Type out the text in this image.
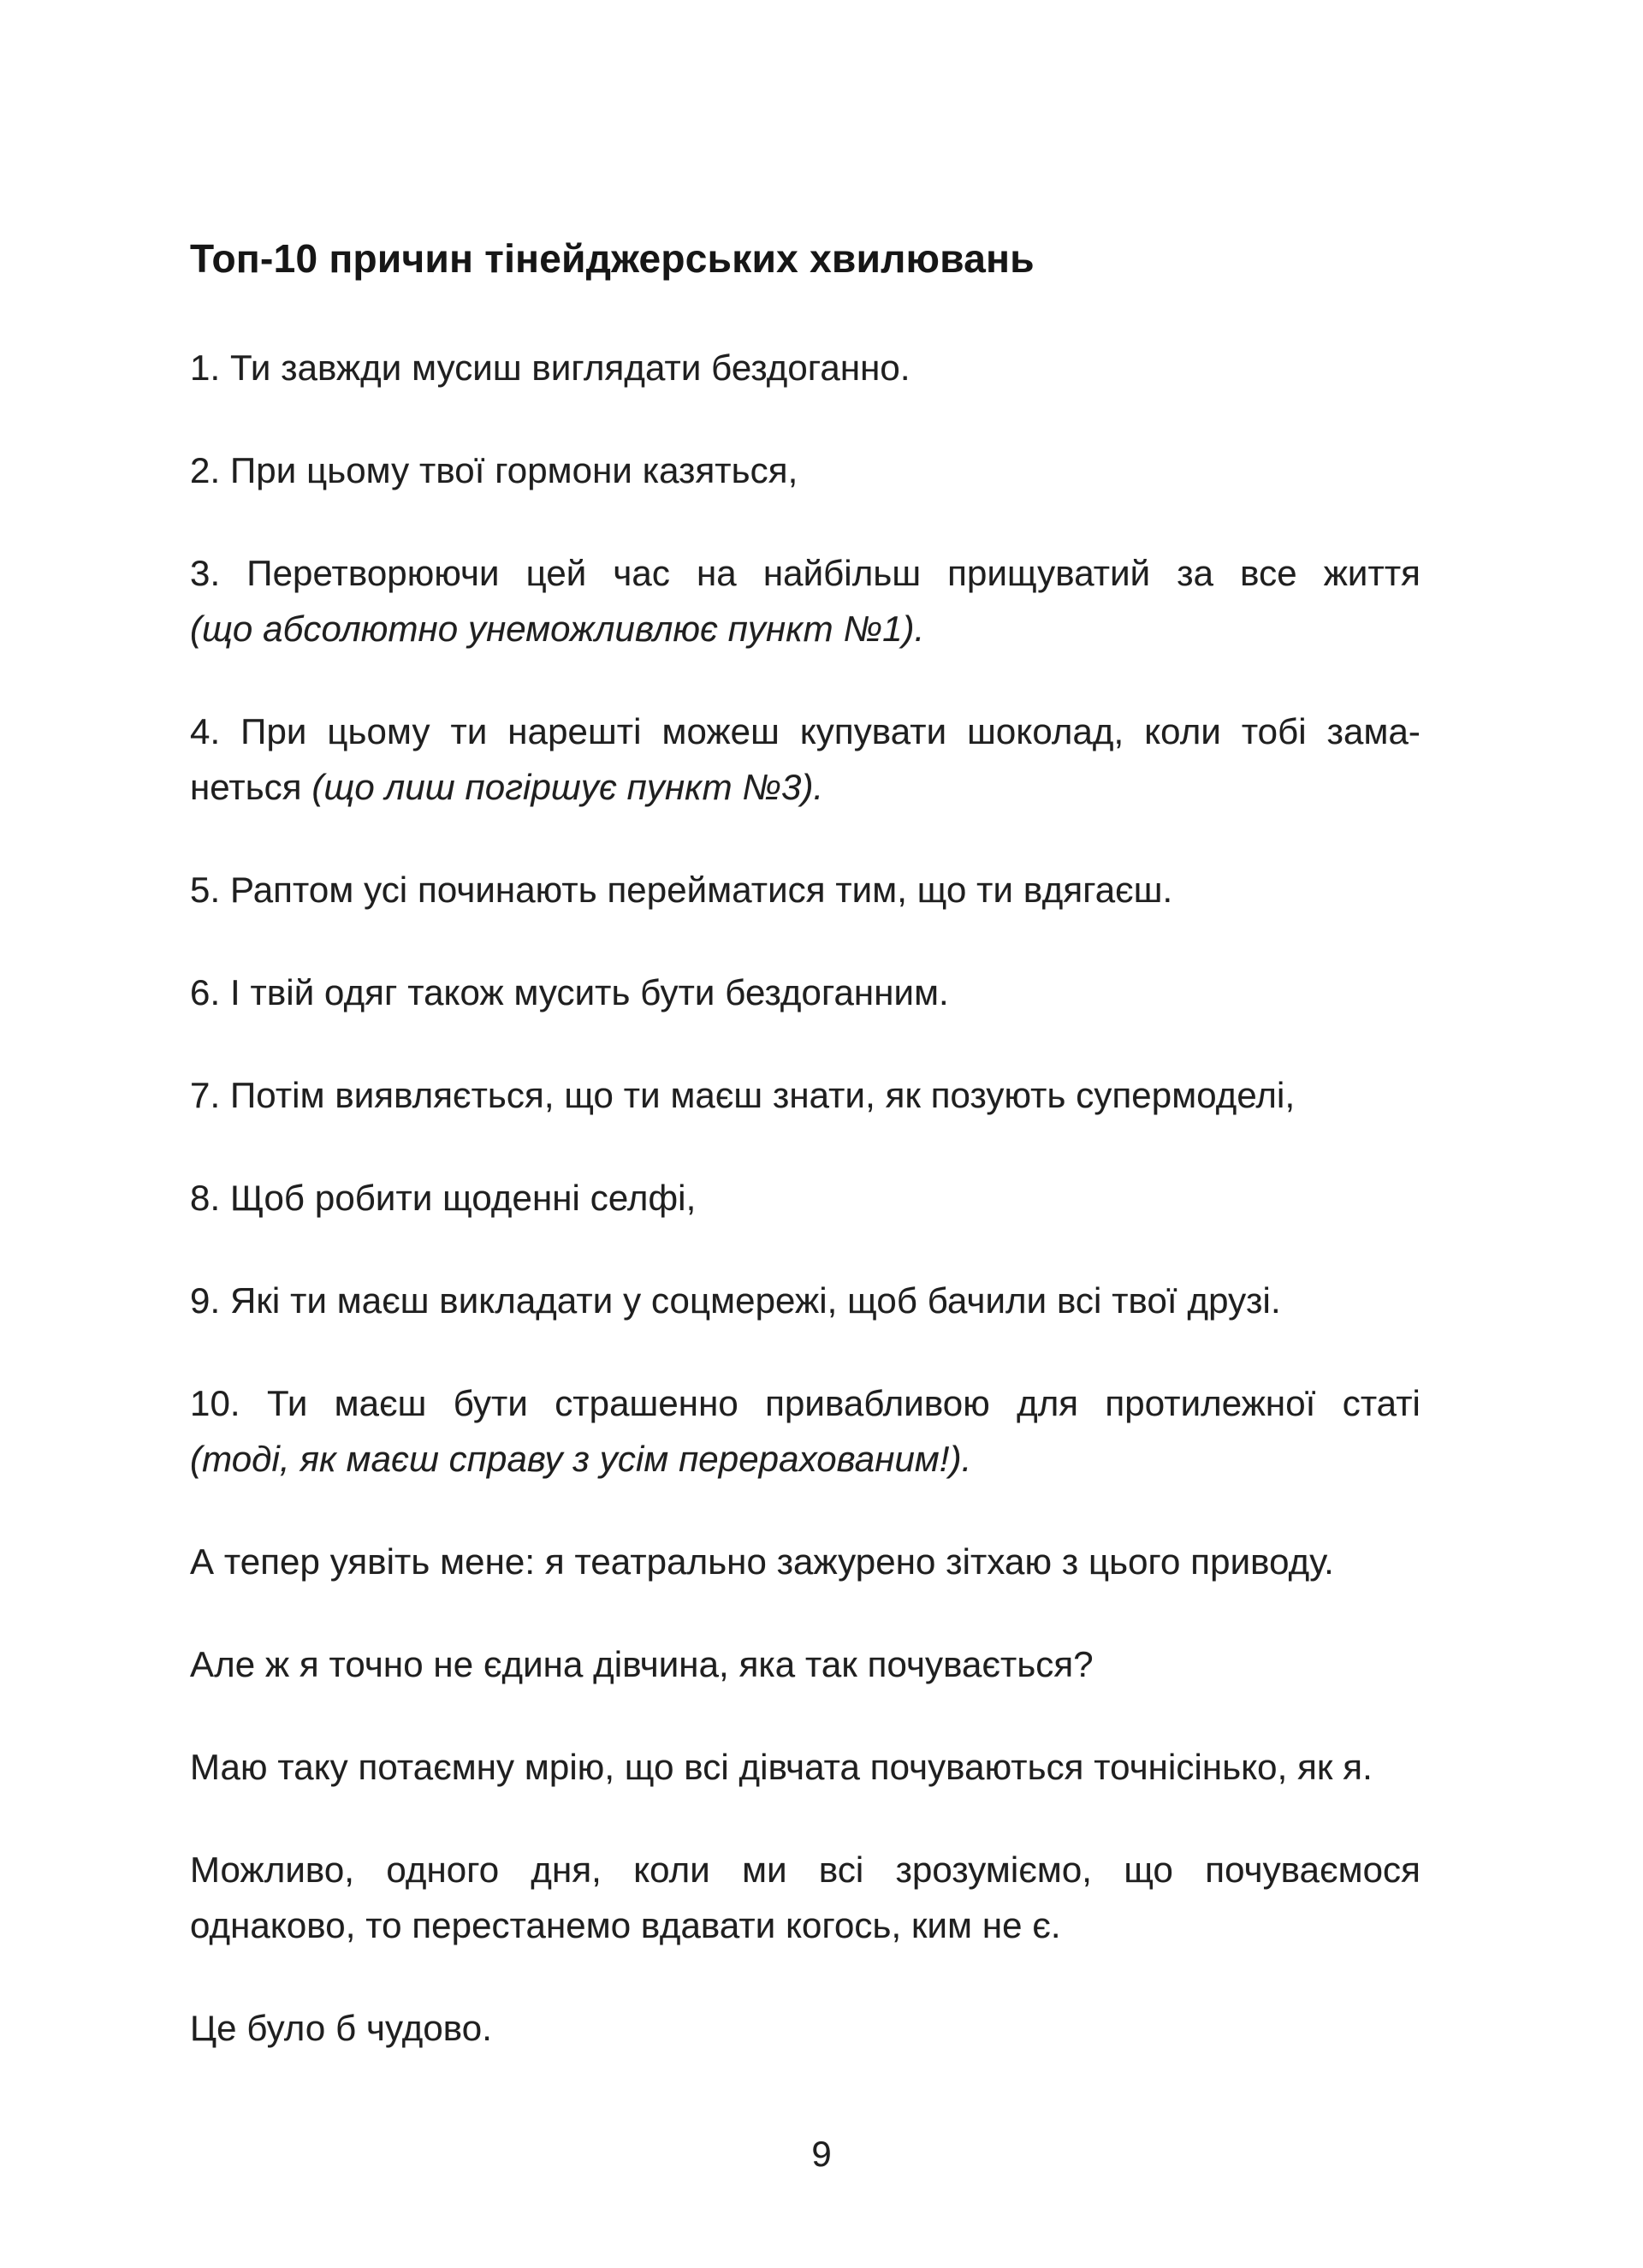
Топ-10 причин тінейджерських хвилювань
1. Ти завжди мусиш виглядати бездоганно.
2. При цьому твої гормони казяться,
3. Перетворюючи цей час на найбільш прищуватий за все життя
(що абсолютно унеможливлює пункт №1).
4. При цьому ти нарешті можеш купувати шоколад, коли тобі зама-
неться (що лиш погіршує пункт №3).
5. Раптом усі починають перейматися тим, що ти вдягаєш.
6. І твій одяг також мусить бути бездоганним.
7. Потім виявляється, що ти маєш знати, як позують супермоделі,
8. Щоб робити щоденні селфі,
9. Які ти маєш викладати у соцмережі, щоб бачили всі твої друзі.
10. Ти маєш бути страшенно привабливою для протилежної статі
(тоді, як маєш справу з усім перерахованим!).
А тепер уявіть мене: я театрально зажурено зітхаю з цього приводу.
Але ж я точно не єдина дівчина, яка так почувається?
Маю таку потаємну мрію, що всі дівчата почуваються точнісінько, як я.
Можливо, одного дня, коли ми всі зрозуміємо, що почуваємося
однаково, то перестанемо вдавати когось, ким не є.
Це було б чудово.
9
